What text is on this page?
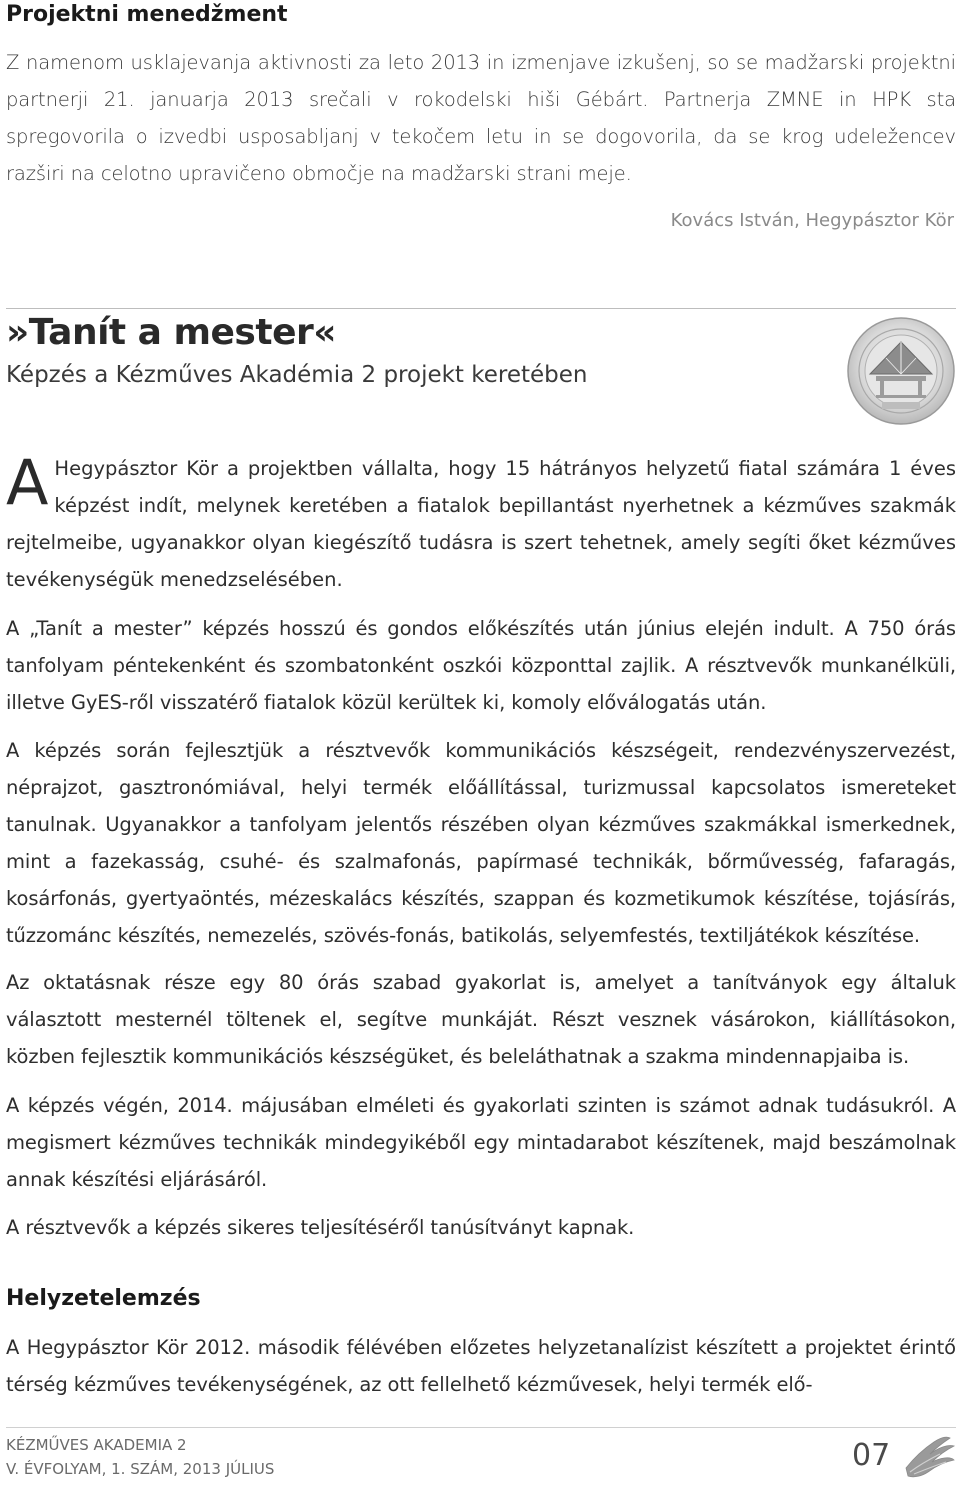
Projektni menedžment

Z namenom usklajevanja aktivnosti za leto 2013 in izmenjave izkušenj, so se madžarski projektni partnerji 21. januarja 2013 srečali v rokodelski hiši Gébárt. Partnerja ZMNE in HPK sta spregovorila o izvedbi usposabljanj v tekočem letu in se dogovorila, da se krog udeležencev razširi na celotno upravičeno območje na madžarski strani meje.

Kovács István, Hegypásztor Kör

»Tanít a mester«

Képzés a Kézműves Akadémia 2 projekt keretében

A Hegypásztor Kör a projektben vállalta, hogy 15 hátrányos helyzetű fiatal számára 1 éves képzést indít, melynek keretében a fiatalok bepillantást nyerhetnek a kézműves szakmák rejtelmeibe, ugyanakkor olyan kiegészítő tudásra is szert tehetnek, amely segíti őket kézműves tevékenységük menedzselésében.

A „Tanít a mester” képzés hosszú és gondos előkészítés után június elején indult. A 750 órás tanfolyam péntekenként és szombatonként oszkói központtal zajlik. A résztvevők munkanélküli, illetve GyES-ről visszatérő fiatalok közül kerültek ki, komoly előválogatás után.

A képzés során fejlesztjük a résztvevők kommunikációs készségeit, rendezvényszervezést, néprajzot, gasztronómiával, helyi termék előállítással, turizmussal kapcsolatos ismereteket tanulnak. Ugyanakkor a tanfolyam jelentős részében olyan kézműves szakmákkal ismerkednek, mint a fazekasság, csuhé- és szalmafonás, papírmasé technikák, bőrművesség, fafaragás, kosárfonás, gyertyaöntés, mézeskalács készítés, szappan és kozmetikumok készítése, tojásírás, tűzzománc készítés, nemezelés, szövés-fonás, batikolás, selyemfestés, textiljátékok készítése.

Az oktatásnak része egy 80 órás szabad gyakorlat is, amelyet a tanítványok egy általuk választott mesternél töltenek el, segítve munkáját. Részt vesznek vásárokon, kiállításokon, közben fejlesztik kommunikációs készségüket, és beleláthatnak a szakma mindennapjaiba is.

A képzés végén, 2014. májusában elméleti és gyakorlati szinten is számot adnak tudásukról. A megismert kézműves technikák mindegyikéből egy mintadarabot készítenek, majd beszámolnak annak készítési eljárásáról.

A résztvevők a képzés sikeres teljesítéséről tanúsítványt kapnak.

Helyzetelemzés

A Hegypásztor Kör 2012. második félévében előzetes helyzetanalízist készített a projektet érintő térség kézműves tevékenységének, az ott fellelhető kézművesek, helyi termék elő-

KÉZMŰVES AKADEMIA 2
V. ÉVFOLYAM, 1. SZÁM, 2013 JÚLIUS	07
